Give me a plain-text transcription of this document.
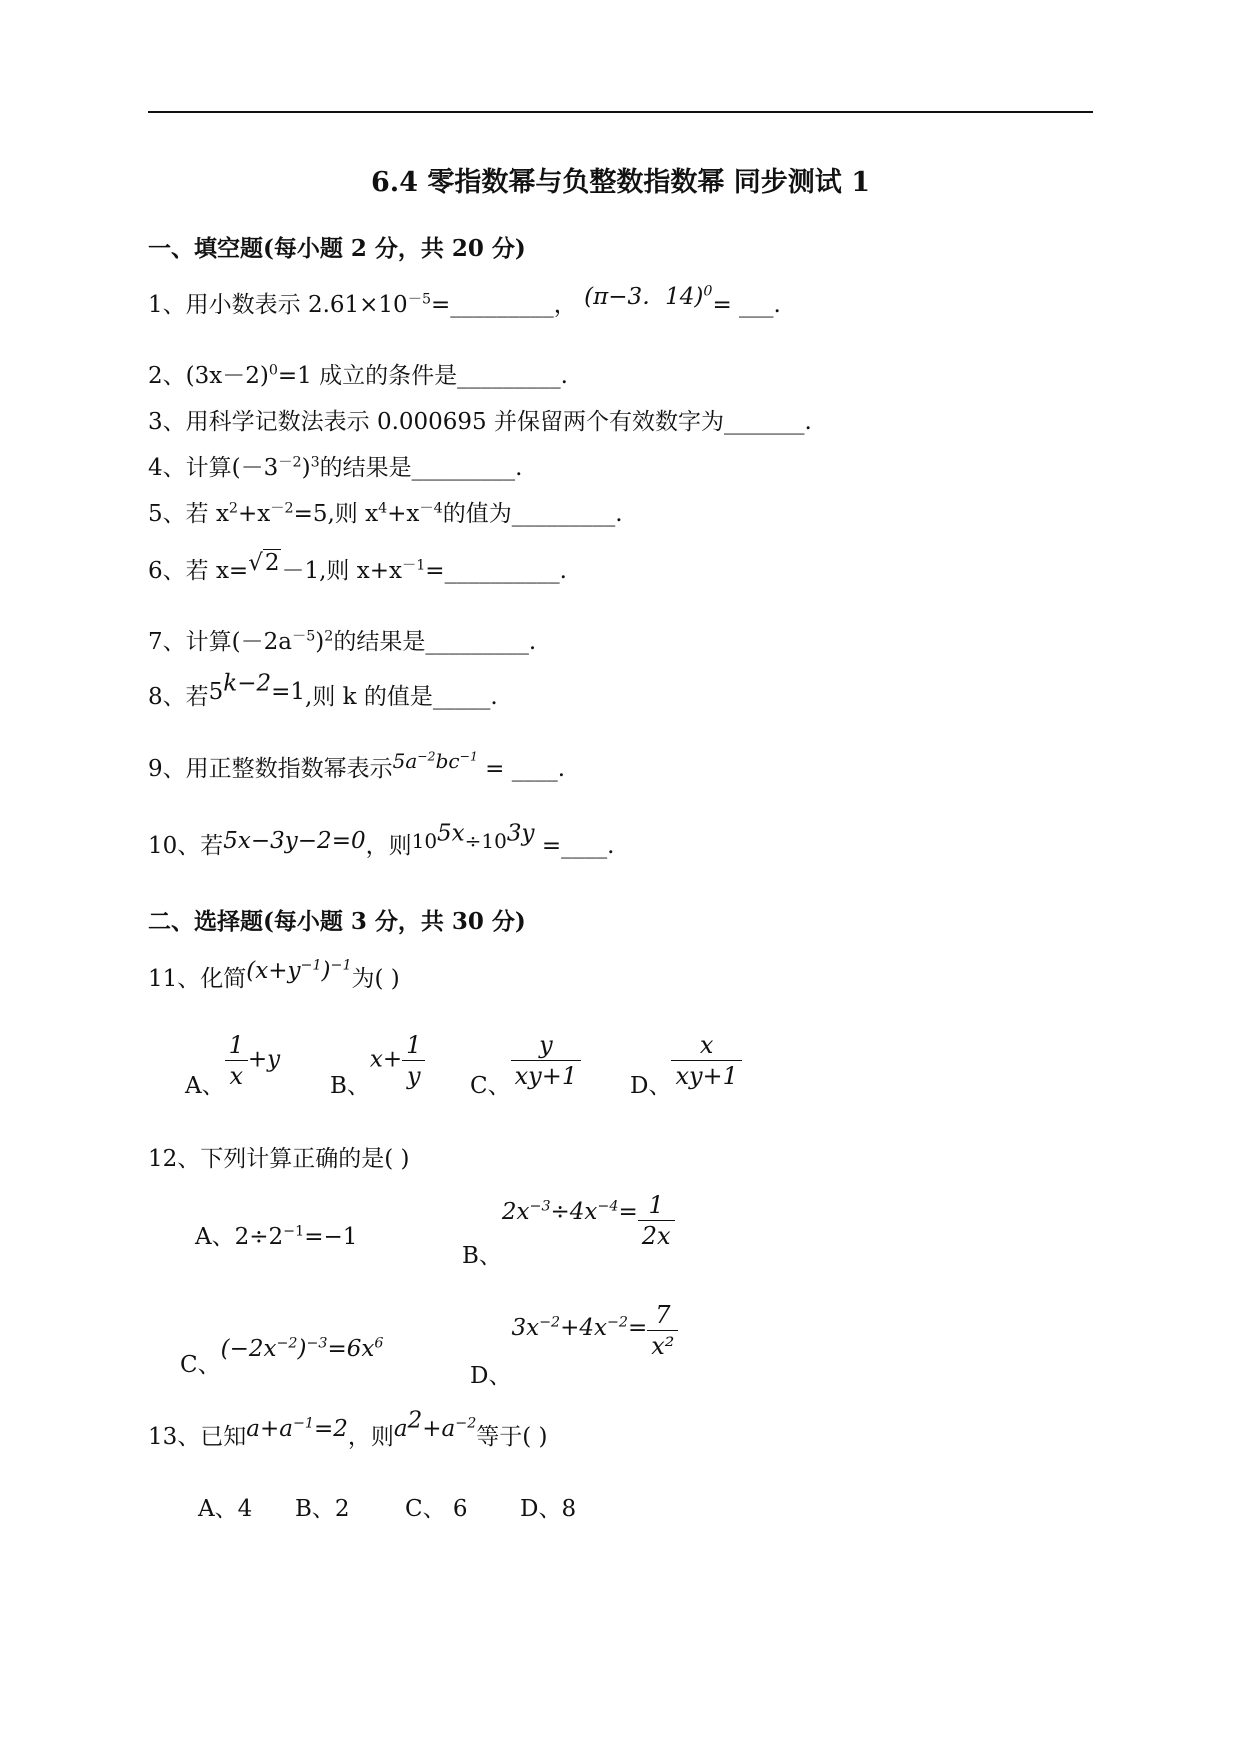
6.4 零指数幂与负整数指数幂 同步测试 1
一、填空题(每小题 2 分，共 20 分)
1、用小数表示 $2.61\times 10^{-5}=\_\_\_\_\_\_\_\_\_$， (π−3．14)$^0$= ___.
2、$(3x-2)^0=1$ 成立的条件是_________.
3、用科学记数法表示 0.000695 并保留两个有效数字为_______.
4、计算$(-3^{-2})^3$的结果是_________.
5、若 $x^2+x^{-2}=5$,则 $x^4+x^{-4}$的值为_________.
6、若 x=√2－1,则 $x+x^{-1}=\_\_\_\_\_\_\_\_\_\_$.
7、计算$(-2a^{-5})^2$的结果是_________.
8、若$5^{k-2}=1$,则 k 的值是_____.
9、用正整数指数幂表示$5a^{-2}bc^{-1}$ = ____.
10、若5x−3y−2=0，则$10^{5x}\div 10^{3y}$ =____.
二、选择题(每小题 3 分，共 30 分)
11、化简$(x+y^{-1})^{-1}$为( )
A、 $\frac{1}{x} +y$
B、$x+ \frac{1}{y}$ C、 $\frac{y}{xy+1}$ D、 $\frac{x}{xy+1}$
12、下列计算正确的是( )
A、$2\div 2^{-1}=-1$
B、$2x^{-3}\div 4x^{-4}= \frac{1}{2x}$
C、$(-2x^{-2})^{-3}=6x^6$
D、$3x^{-2}+4x^{-2}= \frac{7}{\text{x²}}$
13、已知$a+a^{-1}=2$，则$a^2+a^{-2}$等于( )
A、4 B、2 C、 6 D、8
